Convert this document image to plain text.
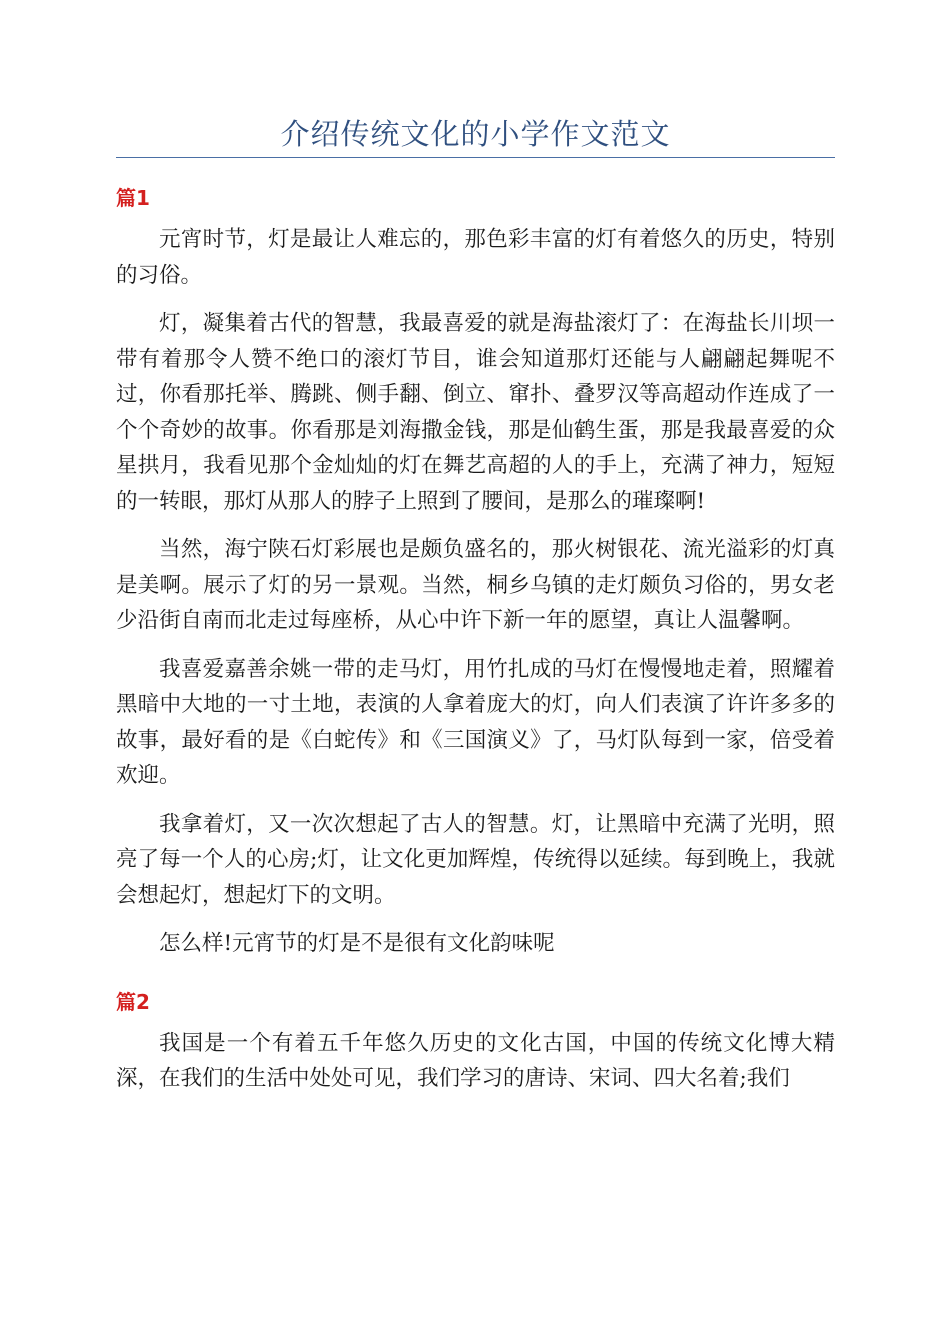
介绍传统文化的小学作文范文
篇1

元宵时节，灯是最让人难忘的，那色彩丰富的灯有着悠久的历史，特别的习俗。

灯，凝集着古代的智慧，我最喜爱的就是海盐滚灯了：在海盐长川坝一带有着那令人赞不绝口的滚灯节目，谁会知道那灯还能与人翩翩起舞呢不过，你看那托举、腾跳、侧手翻、倒立、窜扑、叠罗汉等高超动作连成了一个个奇妙的故事。你看那是刘海撒金钱，那是仙鹤生蛋，那是我最喜爱的众星拱月，我看见那个金灿灿的灯在舞艺高超的人的手上，充满了神力，短短的一转眼，那灯从那人的脖子上照到了腰间，是那么的璀璨啊!

当然，海宁陕石灯彩展也是颇负盛名的，那火树银花、流光溢彩的灯真是美啊。展示了灯的另一景观。当然，桐乡乌镇的走灯颇负习俗的，男女老少沿街自南而北走过每座桥，从心中许下新一年的愿望，真让人温馨啊。

我喜爱嘉善余姚一带的走马灯，用竹扎成的马灯在慢慢地走着，照耀着黑暗中大地的一寸土地，表演的人拿着庞大的灯，向人们表演了许许多多的故事，最好看的是《白蛇传》和《三国演义》了，马灯队每到一家，倍受着欢迎。

我拿着灯，又一次次想起了古人的智慧。灯，让黑暗中充满了光明，照亮了每一个人的心房;灯，让文化更加辉煌，传统得以延续。每到晚上，我就会想起灯，想起灯下的文明。

怎么样!元宵节的灯是不是很有文化韵味呢

篇2

我国是一个有着五千年悠久历史的文化古国，中国的传统文化博大精深，在我们的生活中处处可见，我们学习的唐诗、宋词、四大名着;我们
